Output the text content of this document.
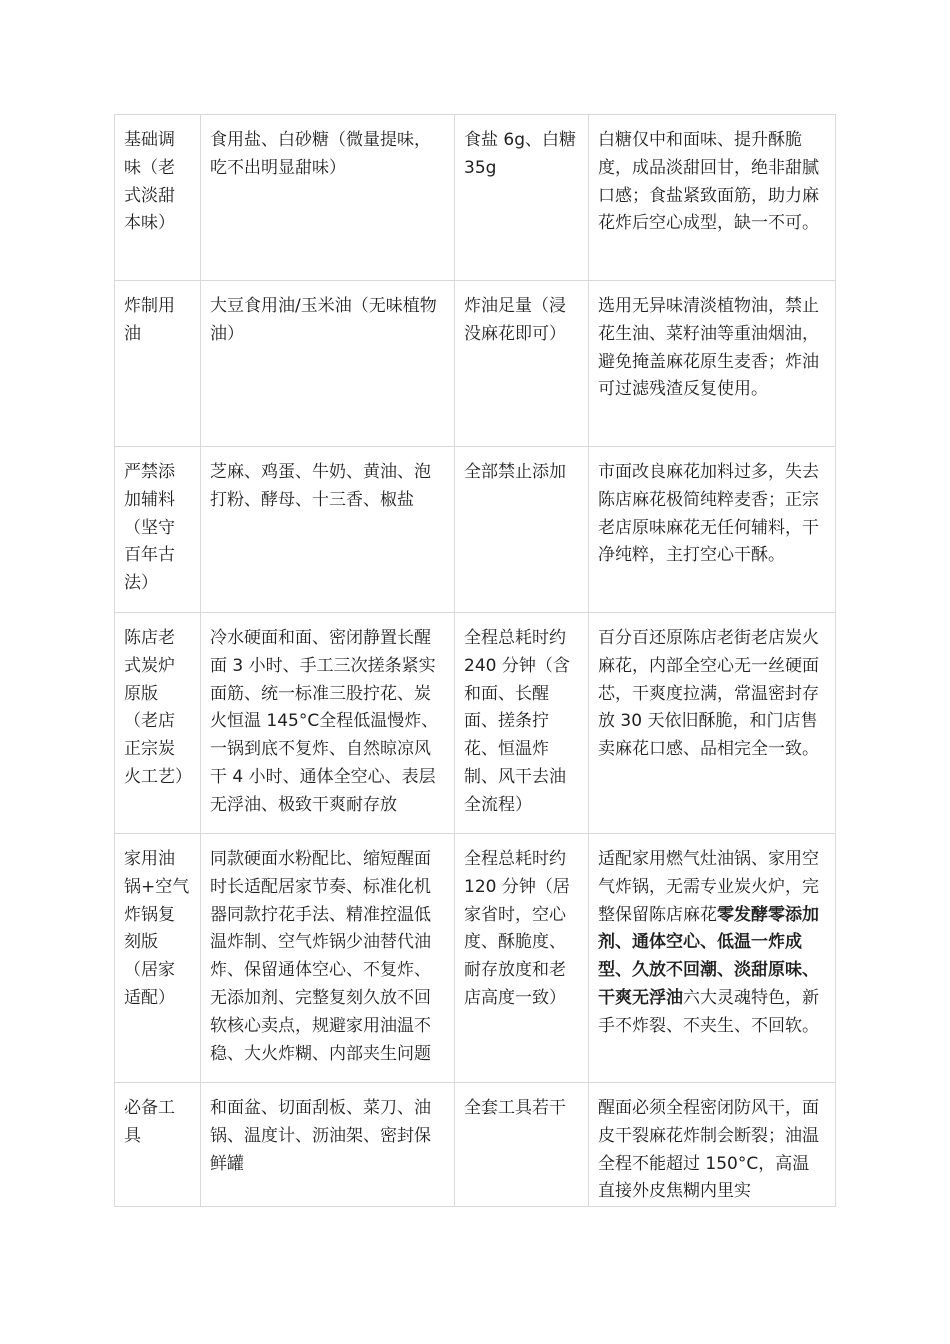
基础调味（老式淡甜本味）	食用盐、白砂糖（微量提味，吃不出明显甜味）	食盐 6g、白糖 35g	白糖仅中和面味、提升酥脆度，成品淡甜回甘，绝非甜腻口感；食盐紧致面筋，助力麻花炸后空心成型，缺一不可。

炸制用油	大豆食用油/玉米油（无味植物油）	炸油足量（浸没麻花即可）	选用无异味清淡植物油，禁止花生油、菜籽油等重油烟油，避免掩盖麻花原生麦香；炸油可过滤残渣反复使用。

严禁添加辅料（坚守百年古法）	芝麻、鸡蛋、牛奶、黄油、泡打粉、酵母、十三香、椒盐	全部禁止添加	市面改良麻花加料过多，失去陈店麻花极简纯粹麦香；正宗老店原味麻花无任何辅料，干净纯粹，主打空心干酥。

陈店老式炭炉原版（老店正宗炭火工艺）	冷水硬面和面、密闭静置长醒面 3 小时、手工三次搓条紧实面筋、统一标准三股拧花、炭火恒温 145°C全程低温慢炸、一锅到底不复炸、自然晾凉风干 4 小时、通体全空心、表层无浮油、极致干爽耐存放	全程总耗时约 240 分钟（含和面、长醒面、搓条拧花、恒温炸制、风干去油全流程）	百分百还原陈店老街老店炭火麻花，内部全空心无一丝硬面芯，干爽度拉满，常温密封存放 30 天依旧酥脆，和门店售卖麻花口感、品相完全一致。

家用油锅+空气炸锅复刻版（居家适配）	同款硬面水粉配比、缩短醒面时长适配居家节奏、标准化机器同款拧花手法、精准控温低温炸制、空气炸锅少油替代油炸、保留通体空心、不复炸、无添加剂、完整复刻久放不回软核心卖点，规避家用油温不稳、大火炸糊、内部夹生问题	全程总耗时约 120 分钟（居家省时，空心度、酥脆度、耐存放度和老店高度一致）	适配家用燃气灶油锅、家用空气炸锅，无需专业炭火炉，完整保留陈店麻花零发酵零添加剂、通体空心、低温一炸成型、久放不回潮、淡甜原味、干爽无浮油六大灵魂特色，新手不炸裂、不夹生、不回软。

必备工具	和面盆、切面刮板、菜刀、油锅、温度计、沥油架、密封保鲜罐	全套工具若干	醒面必须全程密闭防风干，面皮干裂麻花炸制会断裂；油温全程不能超过 150°C，高温直接外皮焦糊内里实
